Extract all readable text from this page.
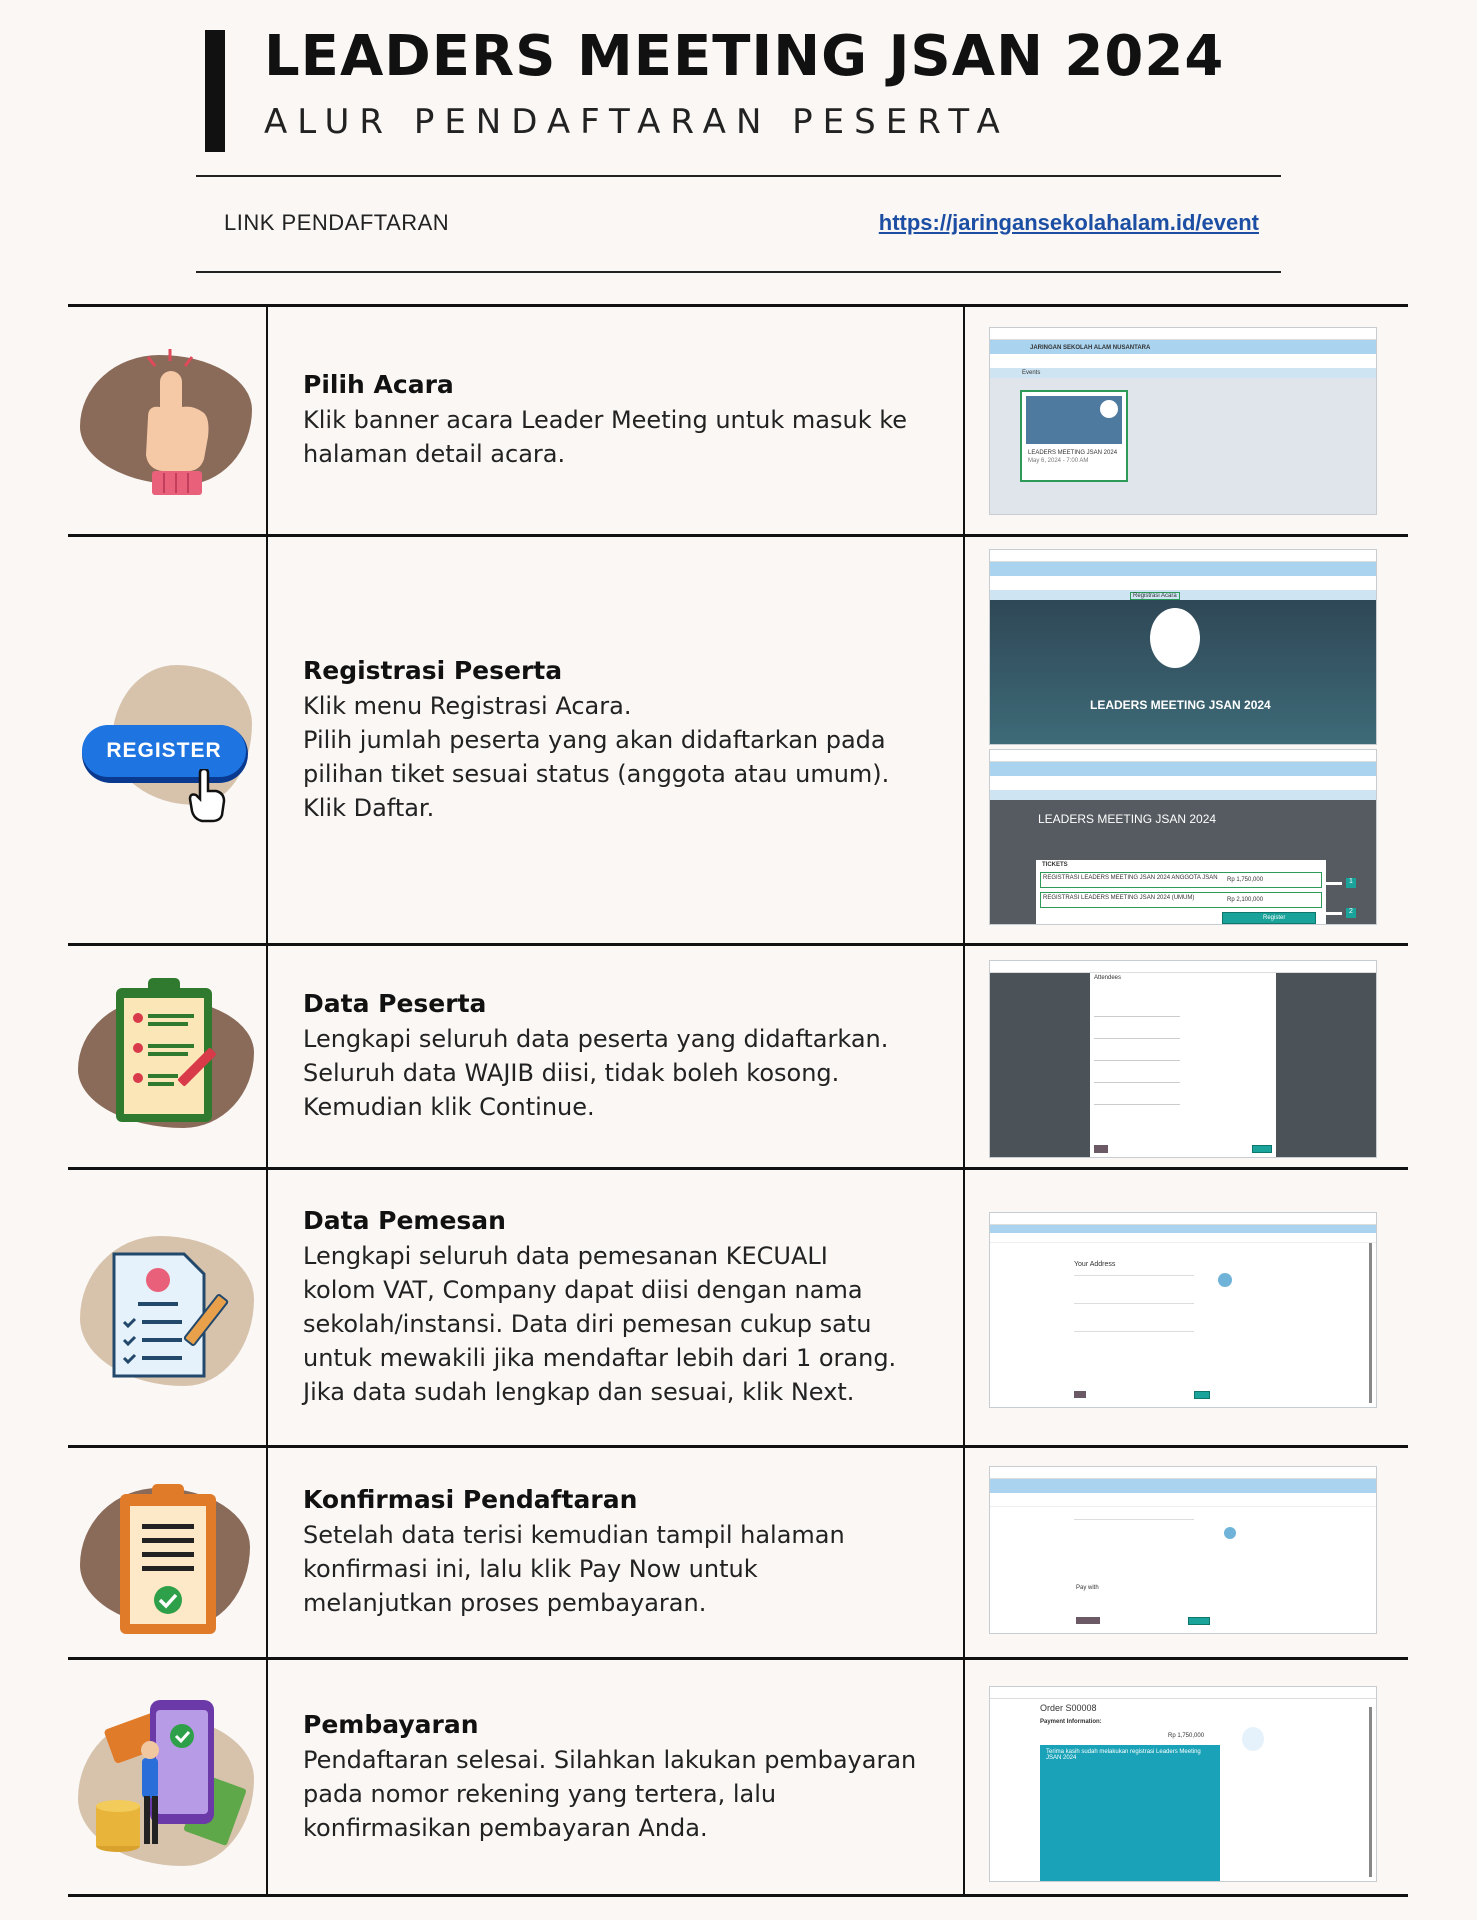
LEADERS MEETING JSAN 2024
ALUR PENDAFTARAN PESERTA
LINK PENDAFTARAN	https://jaringansekolahalam.id/event
Pilih Acara
Klik banner acara Leader Meeting untuk masuk ke
halaman detail acara.
JARINGAN SEKOLAH ALAM NUSANTARA
Events
LEADERS MEETING JSAN 2024
May 6, 2024 - 7:00 AM
REGISTER
Registrasi Peserta
Klik menu Registrasi Acara.
Pilih jumlah peserta yang akan didaftarkan pada
pilihan tiket sesuai status (anggota atau umum).
Klik Daftar.
Registrasi Acara
LEADERS MEETING JSAN 2024
LEADERS MEETING JSAN 2024
TICKETS
REGISTRASI LEADERS MEETING JSAN 2024 ANGGOTA JSAN Rp 1,750,000
REGISTRASI LEADERS MEETING JSAN 2024 (UMUM)	Rp 2,100,000
Register
1
2
Data Peserta
Lengkapi seluruh data peserta yang didaftarkan.
Seluruh data WAJIB diisi, tidak boleh kosong.
Kemudian klik Continue.
Attendees
Data Pemesan
Lengkapi seluruh data pemesanan KECUALI
kolom VAT, Company dapat diisi dengan nama
sekolah/instansi. Data diri pemesan cukup satu
untuk mewakili jika mendaftar lebih dari 1 orang.
Jika data sudah lengkap dan sesuai, klik Next.
Your Address
Konfirmasi Pendaftaran
Setelah data terisi kemudian tampil halaman
konfirmasi ini, lalu klik Pay Now untuk
melanjutkan proses pembayaran.
Pay with
Pembayaran
Pendaftaran selesai. Silahkan lakukan pembayaran
pada nomor rekening yang tertera, lalu
konfirmasikan pembayaran Anda.
Order S00008
Payment Information:
Rp 1,750,000
Terima kasih sudah melakukan registrasi Leaders Meeting JSAN 2024
